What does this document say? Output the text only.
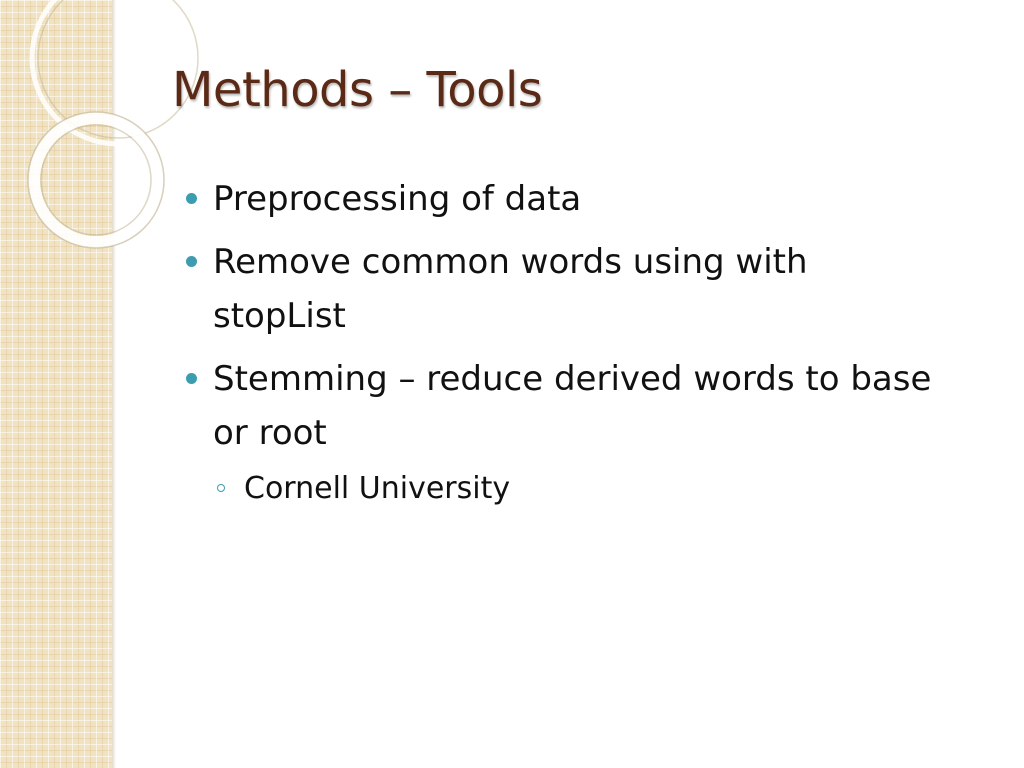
Methods – Tools
Preprocessing of data
Remove common words using with stopList
Stemming – reduce derived words to base or root
Cornell University
